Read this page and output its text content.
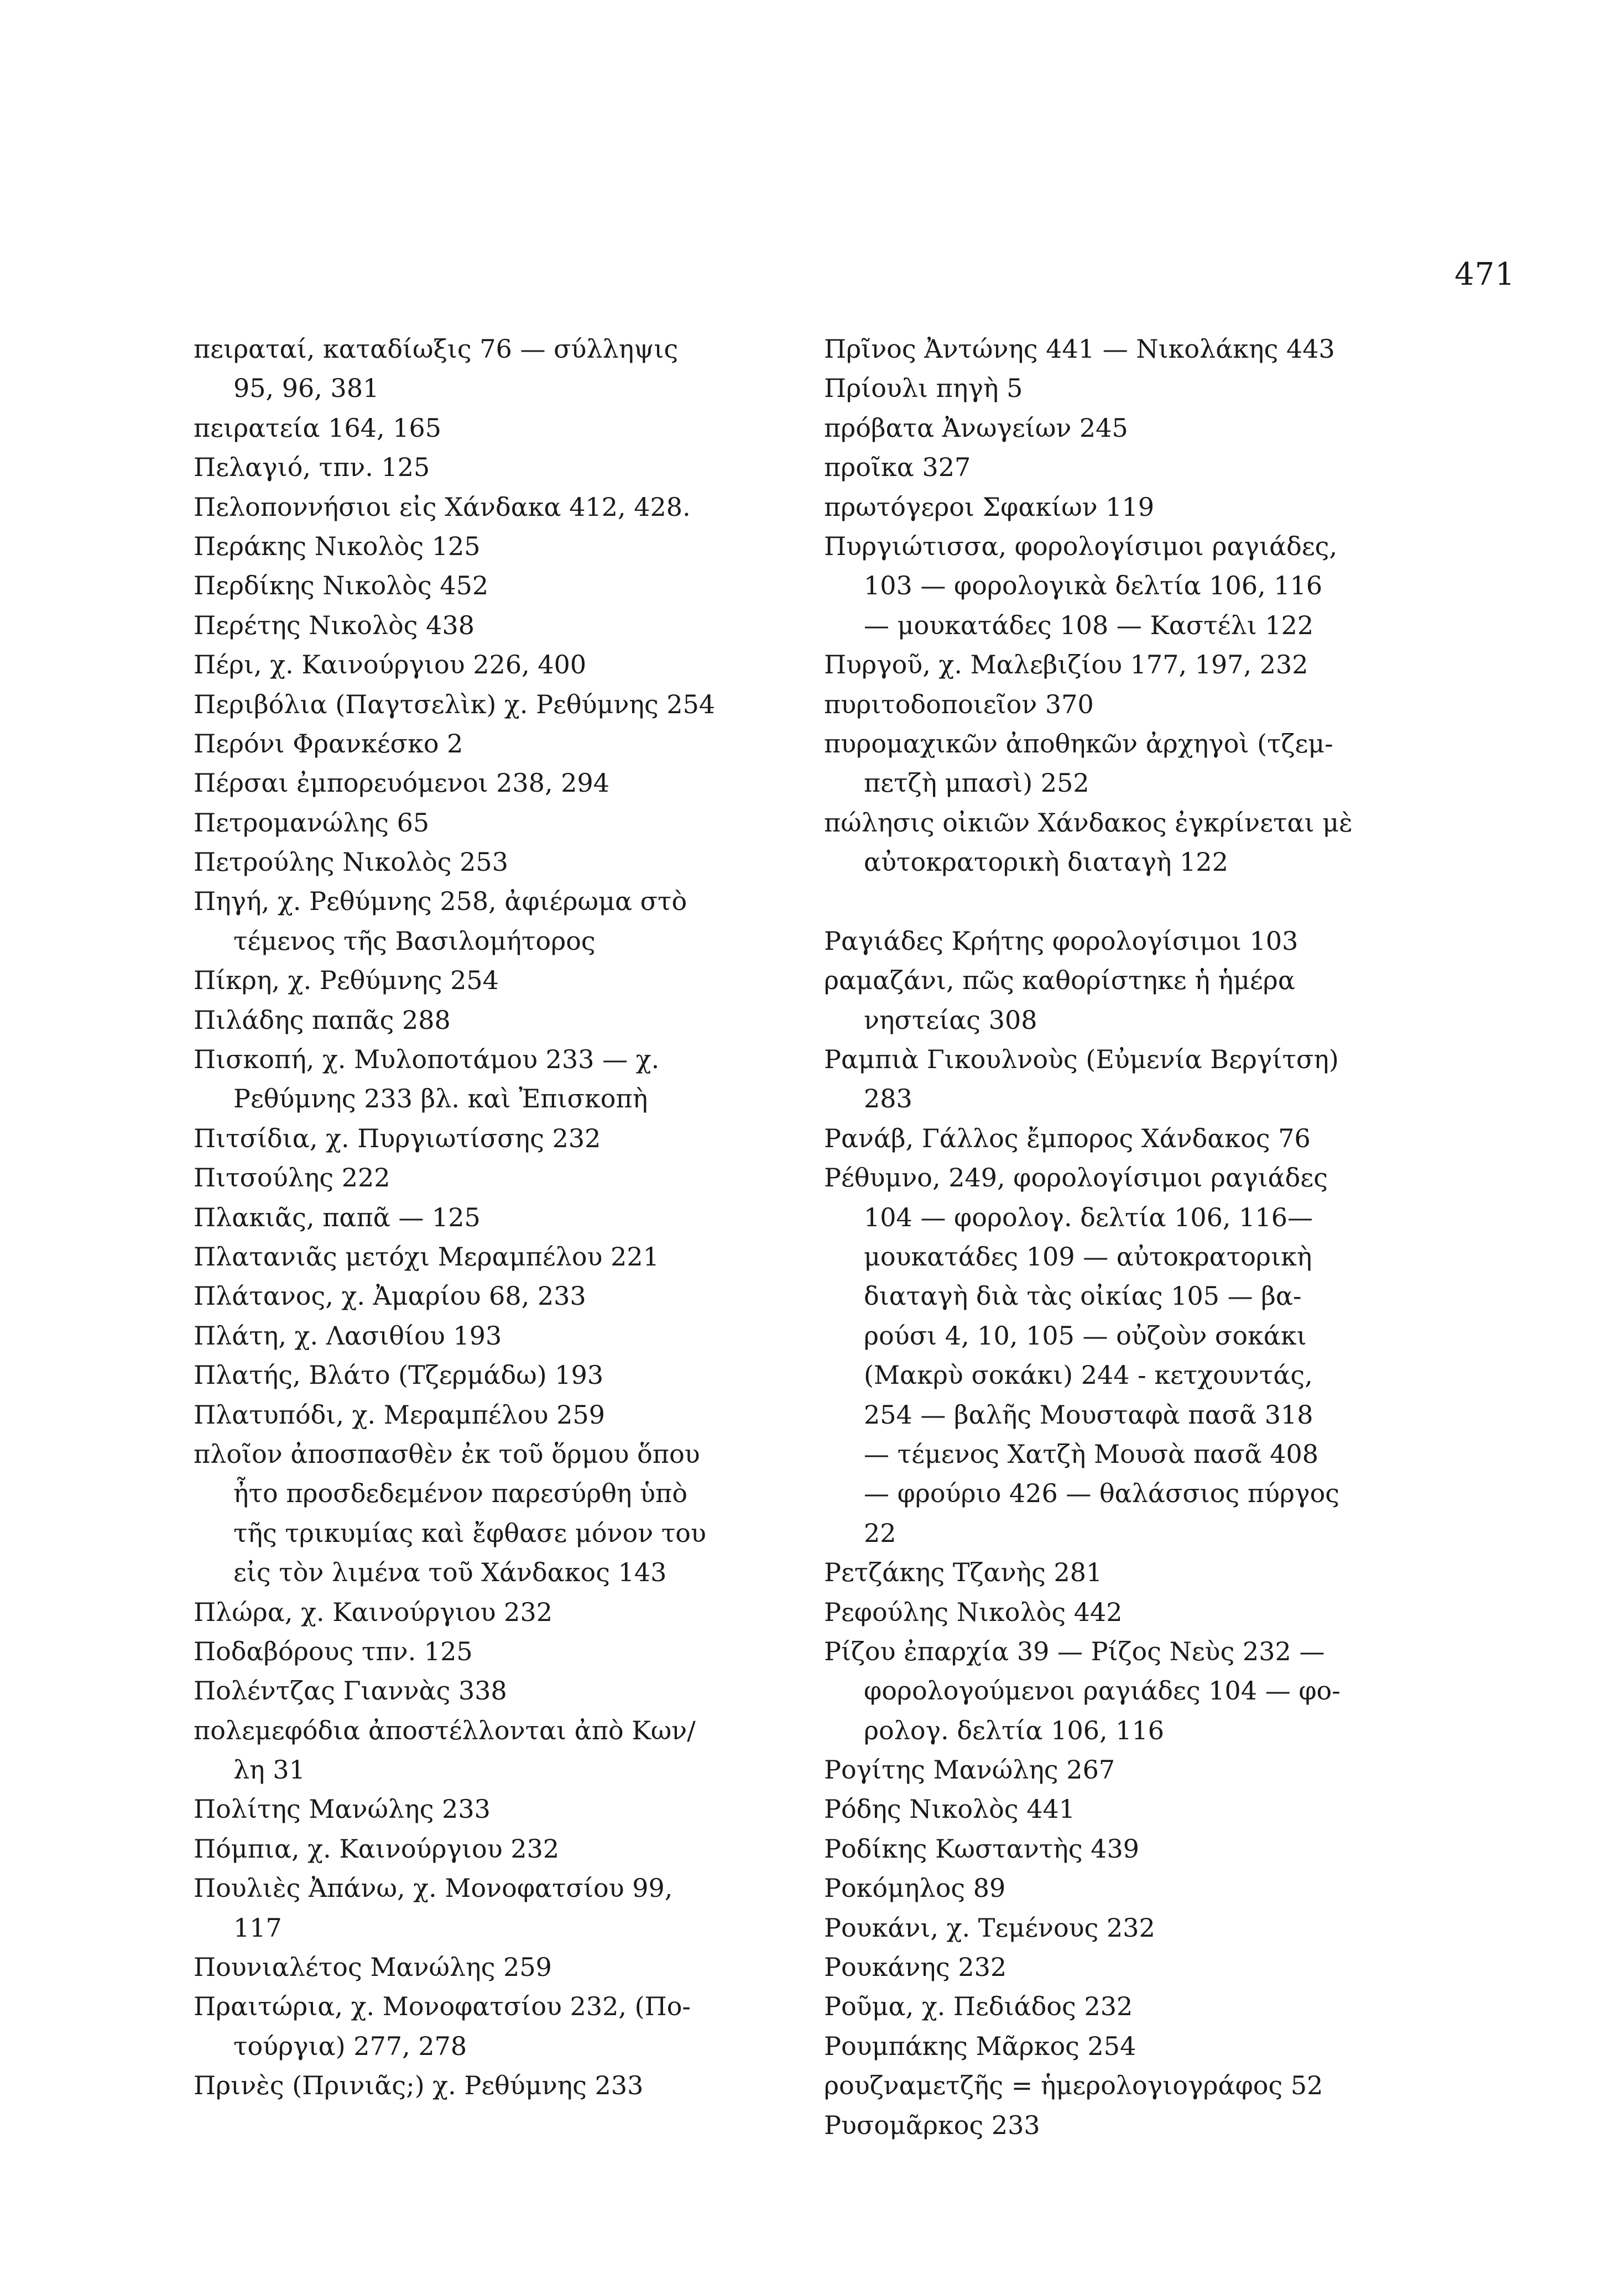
471
πειραταί, καταδίωξις 76 — σύλληψις
95, 96, 381
πειρατεία 164, 165
Πελαγιό, τπν. 125
Πελοποννήσιοι εἰς Χάνδακα 412, 428.
Περάκης Νικολὸς 125
Περδίκης Νικολὸς 452
Περέτης Νικολὸς 438
Πέρι, χ. Καινούργιου 226, 400
Περιβόλια (Παγτσελὶκ) χ. Ρεθύμνης 254
Περόνι Φρανκέσκο 2
Πέρσαι ἐμπορευόμενοι 238, 294
Πετρομανώλης 65
Πετρούλης Νικολὸς 253
Πηγή, χ. Ρεθύμνης 258, ἀφιέρωμα στὸ
τέμενος τῆς Βασιλομήτορος
Πίκρη, χ. Ρεθύμνης 254
Πιλάδης παπᾶς 288
Πισκοπή, χ. Μυλοποτάμου 233 — χ.
Ρεθύμνης 233 βλ. καὶ Ἐπισκοπὴ
Πιτσίδια, χ. Πυργιωτίσσης 232
Πιτσούλης 222
Πλακιᾶς, παπᾶ — 125
Πλατανιᾶς μετόχι Μεραμπέλου 221
Πλάτανος, χ. Ἀμαρίου 68, 233
Πλάτη, χ. Λασιθίου 193
Πλατής, Βλάτο (Τζερμάδω) 193
Πλατυπόδι, χ. Μεραμπέλου 259
πλοῖον ἀποσπασθὲν ἐκ τοῦ ὅρμου ὅπου
ἦτο προσδεδεμένον παρεσύρθη ὑπὸ
τῆς τρικυμίας καὶ ἔφθασε μόνον του
εἰς τὸν λιμένα τοῦ Χάνδακος 143
Πλώρα, χ. Καινούργιου 232
Ποδαβόρους τπν. 125
Πολέντζας Γιαννὰς 338
πολεμεφόδια ἀποστέλλονται ἀπὸ Κων/
λη 31
Πολίτης Μανώλης 233
Πόμπια, χ. Καινούργιου 232
Πουλιὲς Ἀπάνω, χ. Μονοφατσίου 99,
117
Πουνιαλέτος Μανώλης 259
Πραιτώρια, χ. Μονοφατσίου 232, (Πο-
τούργια) 277, 278
Πρινὲς (Πρινιᾶς;) χ. Ρεθύμνης 233
Πρῖνος Ἀντώνης 441 — Νικολάκης 443
Πρίουλι πηγὴ 5
πρόβατα Ἀνωγείων 245
προῖκα 327
πρωτόγεροι Σφακίων 119
Πυργιώτισσα, φορολογίσιμοι ραγιάδες,
103 — φορολογικὰ δελτία 106, 116
— μουκατάδες 108 — Καστέλι 122
Πυργοῦ, χ. Μαλεβιζίου 177, 197, 232
πυριτοδοποιεῖον 370
πυρομαχικῶν ἀποθηκῶν ἀρχηγοὶ (τζεμ-
πετζὴ μπασὶ) 252
πώλησις οἰκιῶν Χάνδακος ἐγκρίνεται μὲ
αὐτοκρατορικὴ διαταγὴ 122
Ραγιάδες Κρήτης φορολογίσιμοι 103
ραμαζάνι, πῶς καθορίστηκε ἡ ἡμέρα
νηστείας 308
Ραμπιὰ Γικουλνοὺς (Εὐμενία Βεργίτση)
283
Ρανάβ, Γάλλος ἔμπορος Χάνδακος 76
Ρέθυμνο, 249, φορολογίσιμοι ραγιάδες
104 — φορολογ. δελτία 106, 116—
μουκατάδες 109 — αὐτοκρατορικὴ
διαταγὴ διὰ τὰς οἰκίας 105 — βα-
ρούσι 4, 10, 105 — οὐζοὺν σοκάκι
(Μακρὺ σοκάκι) 244 - κετχουντάς,
254 — βαλῆς Μουσταφὰ πασᾶ 318
— τέμενος Χατζὴ Μουσὰ πασᾶ 408
— φρούριο 426 — θαλάσσιος πύργος
22
Ρετζάκης Τζανὴς 281
Ρεφούλης Νικολὸς 442
Ρίζου ἐπαρχία 39 — Ρίζος Νεὺς 232 —
φορολογούμενοι ραγιάδες 104 — φο-
ρολογ. δελτία 106, 116
Ρογίτης Μανώλης 267
Ρόδης Νικολὸς 441
Ροδίκης Κωσταντὴς 439
Ροκόμηλος 89
Ρουκάνι, χ. Τεμένους 232
Ρουκάνης 232
Ροῦμα, χ. Πεδιάδος 232
Ρουμπάκης Μᾶρκος 254
ρουζναμετζῆς = ἡμερολογιογράφος 52
Ρυσομᾶρκος 233
